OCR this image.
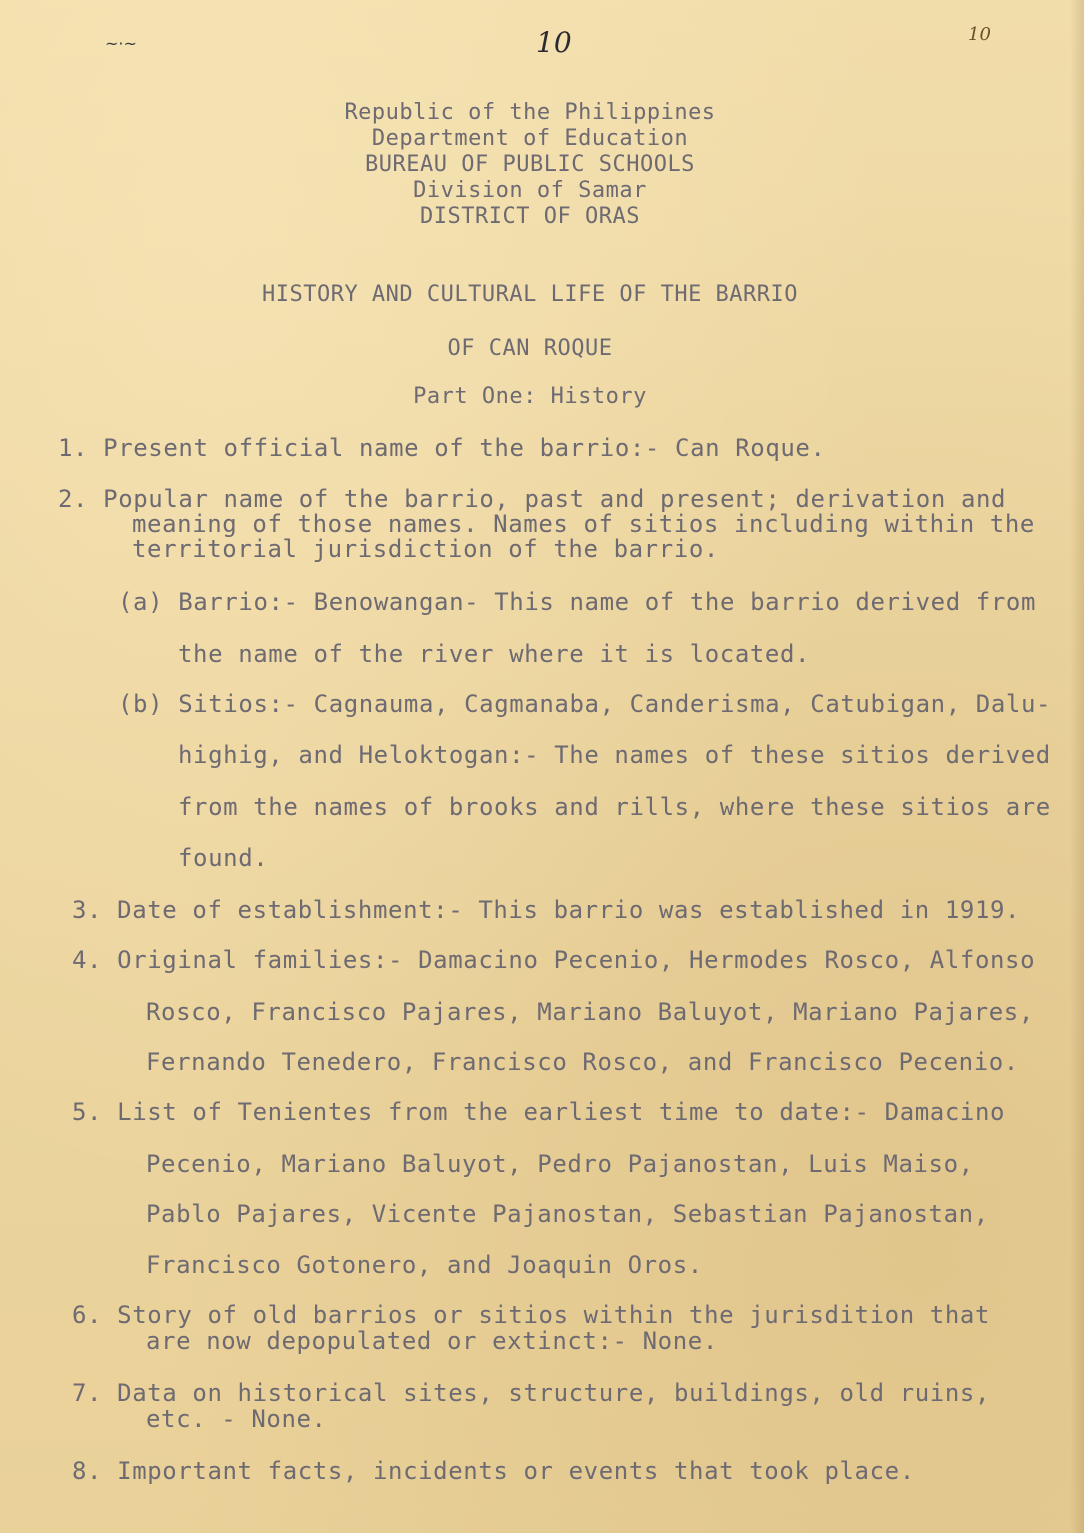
~·~	10	10
Republic of the Philippines
Department of Education
BUREAU OF PUBLIC SCHOOLS
Division of Samar
DISTRICT OF ORAS
HISTORY AND CULTURAL LIFE OF THE BARRIO
OF CAN ROQUE
Part One: History
1. Present official name of the barrio:- Can Roque.
2. Popular name of the barrio, past and present; derivation and
meaning of those names. Names of sitios including within the
territorial jurisdiction of the barrio.
(a) Barrio:- Benowangan- This name of the barrio derived from
the name of the river where it is located.
(b) Sitios:- Cagnauma, Cagmanaba, Canderisma, Catubigan, Dalu-
highig, and Heloktogan:- The names of these sitios derived
from the names of brooks and rills, where these sitios are
found.
3. Date of establishment:- This barrio was established in 1919.
4. Original families:- Damacino Pecenio, Hermodes Rosco, Alfonso
Rosco, Francisco Pajares, Mariano Baluyot, Mariano Pajares,
Fernando Tenedero, Francisco Rosco, and Francisco Pecenio.
5. List of Tenientes from the earliest time to date:- Damacino
Pecenio, Mariano Baluyot, Pedro Pajanostan, Luis Maiso,
Pablo Pajares, Vicente Pajanostan, Sebastian Pajanostan,
Francisco Gotonero, and Joaquin Oros.
6. Story of old barrios or sitios within the jurisdition that
are now depopulated or extinct:- None.
7. Data on historical sites, structure, buildings, old ruins,
etc. - None.
8. Important facts, incidents or events that took place.
